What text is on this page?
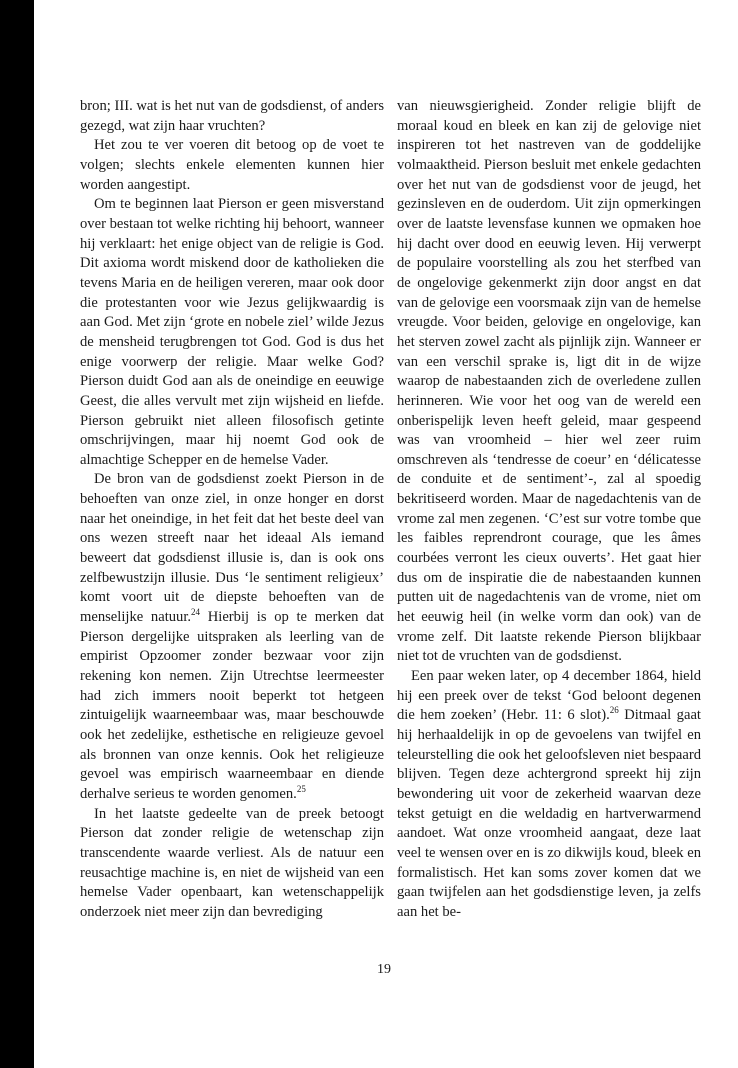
bron; III. wat is het nut van de godsdienst, of anders gezegd, wat zijn haar vruchten?

Het zou te ver voeren dit betoog op de voet te volgen; slechts enkele elementen kunnen hier worden aangestipt.

Om te beginnen laat Pierson er geen misverstand over bestaan tot welke richting hij behoort, wanneer hij verklaart: het enige object van de religie is God. Dit axioma wordt miskend door de katholieken die tevens Maria en de heiligen vereren, maar ook door die protestanten voor wie Jezus gelijkwaardig is aan God. Met zijn ‘grote en nobele ziel’ wilde Jezus de mensheid terugbrengen tot God. God is dus het enige voorwerp der religie. Maar welke God? Pierson duidt God aan als de oneindige en eeuwige Geest, die alles vervult met zijn wijsheid en liefde. Pierson gebruikt niet alleen filosofisch getinte omschrijvingen, maar hij noemt God ook de almachtige Schepper en de hemelse Vader.

De bron van de godsdienst zoekt Pierson in de behoeften van onze ziel, in onze honger en dorst naar het oneindige, in het feit dat het beste deel van ons wezen streeft naar het ideaal Als iemand beweert dat godsdienst illusie is, dan is ook ons zelfbewustzijn illusie. Dus ‘le sentiment religieux’ komt voort uit de diepste behoeften van de menselijke natuur.$^{24}$ Hierbij is op te merken dat Pierson dergelijke uitspraken als leerling van de empirist Opzoomer zonder bezwaar voor zijn rekening kon nemen. Zijn Utrechtse leermeester had zich immers nooit beperkt tot hetgeen zintuigelijk waarneembaar was, maar beschouwde ook het zedelijke, esthetische en religieuze gevoel als bronnen van onze kennis. Ook het religieuze gevoel was empirisch waarneembaar en diende derhalve serieus te worden genomen.$^{25}$

In het laatste gedeelte van de preek betoogt Pierson dat zonder religie de wetenschap zijn transcendente waarde verliest. Als de natuur een reusachtige machine is, en niet de wijsheid van een hemelse Vader openbaart, kan wetenschappelijk onderzoek niet meer zijn dan bevrediging

van nieuwsgierigheid. Zonder religie blijft de moraal koud en bleek en kan zij de gelovige niet inspireren tot het nastreven van de goddelijke volmaaktheid. Pierson besluit met enkele gedachten over het nut van de godsdienst voor de jeugd, het gezinsleven en de ouderdom. Uit zijn opmerkingen over de laatste levensfase kunnen we opmaken hoe hij dacht over dood en eeuwig leven. Hij verwerpt de populaire voorstelling als zou het sterfbed van de ongelovige gekenmerkt zijn door angst en dat van de gelovige een voorsmaak zijn van de hemelse vreugde. Voor beiden, gelovige en ongelovige, kan het sterven zowel zacht als pijnlijk zijn. Wanneer er van een verschil sprake is, ligt dit in de wijze waarop de nabestaanden zich de overledene zullen herinneren. Wie voor het oog van de wereld een onberispelijk leven heeft geleid, maar gespeend was van vroomheid – hier wel zeer ruim omschreven als ‘tendresse de coeur’ en ‘délicatesse de conduite et de sentiment’-, zal al spoedig bekritiseerd worden. Maar de nagedachtenis van de vrome zal men zegenen. ‘C’est sur votre tombe que les faibles reprendront courage, que les âmes courbées verront les cieux ouverts’. Het gaat hier dus om de inspiratie die de nabestaanden kunnen putten uit de nagedachtenis van de vrome, niet om het eeuwig heil (in welke vorm dan ook) van de vrome zelf. Dit laatste rekende Pierson blijkbaar niet tot de vruchten van de godsdienst.

Een paar weken later, op 4 december 1864, hield hij een preek over de tekst ‘God beloont degenen die hem zoeken’ (Hebr. 11: 6 slot).$^{26}$ Ditmaal gaat hij herhaaldelijk in op de gevoelens van twijfel en teleurstelling die ook het geloofsleven niet bespaard blijven. Tegen deze achtergrond spreekt hij zijn bewondering uit voor de zekerheid waarvan deze tekst getuigt en die weldadig en hartverwarmend aandoet. Wat onze vroomheid aangaat, deze laat veel te wensen over en is zo dikwijls koud, bleek en formalistisch. Het kan soms zover komen dat we gaan twijfelen aan het godsdienstige leven, ja zelfs aan het be-

19
